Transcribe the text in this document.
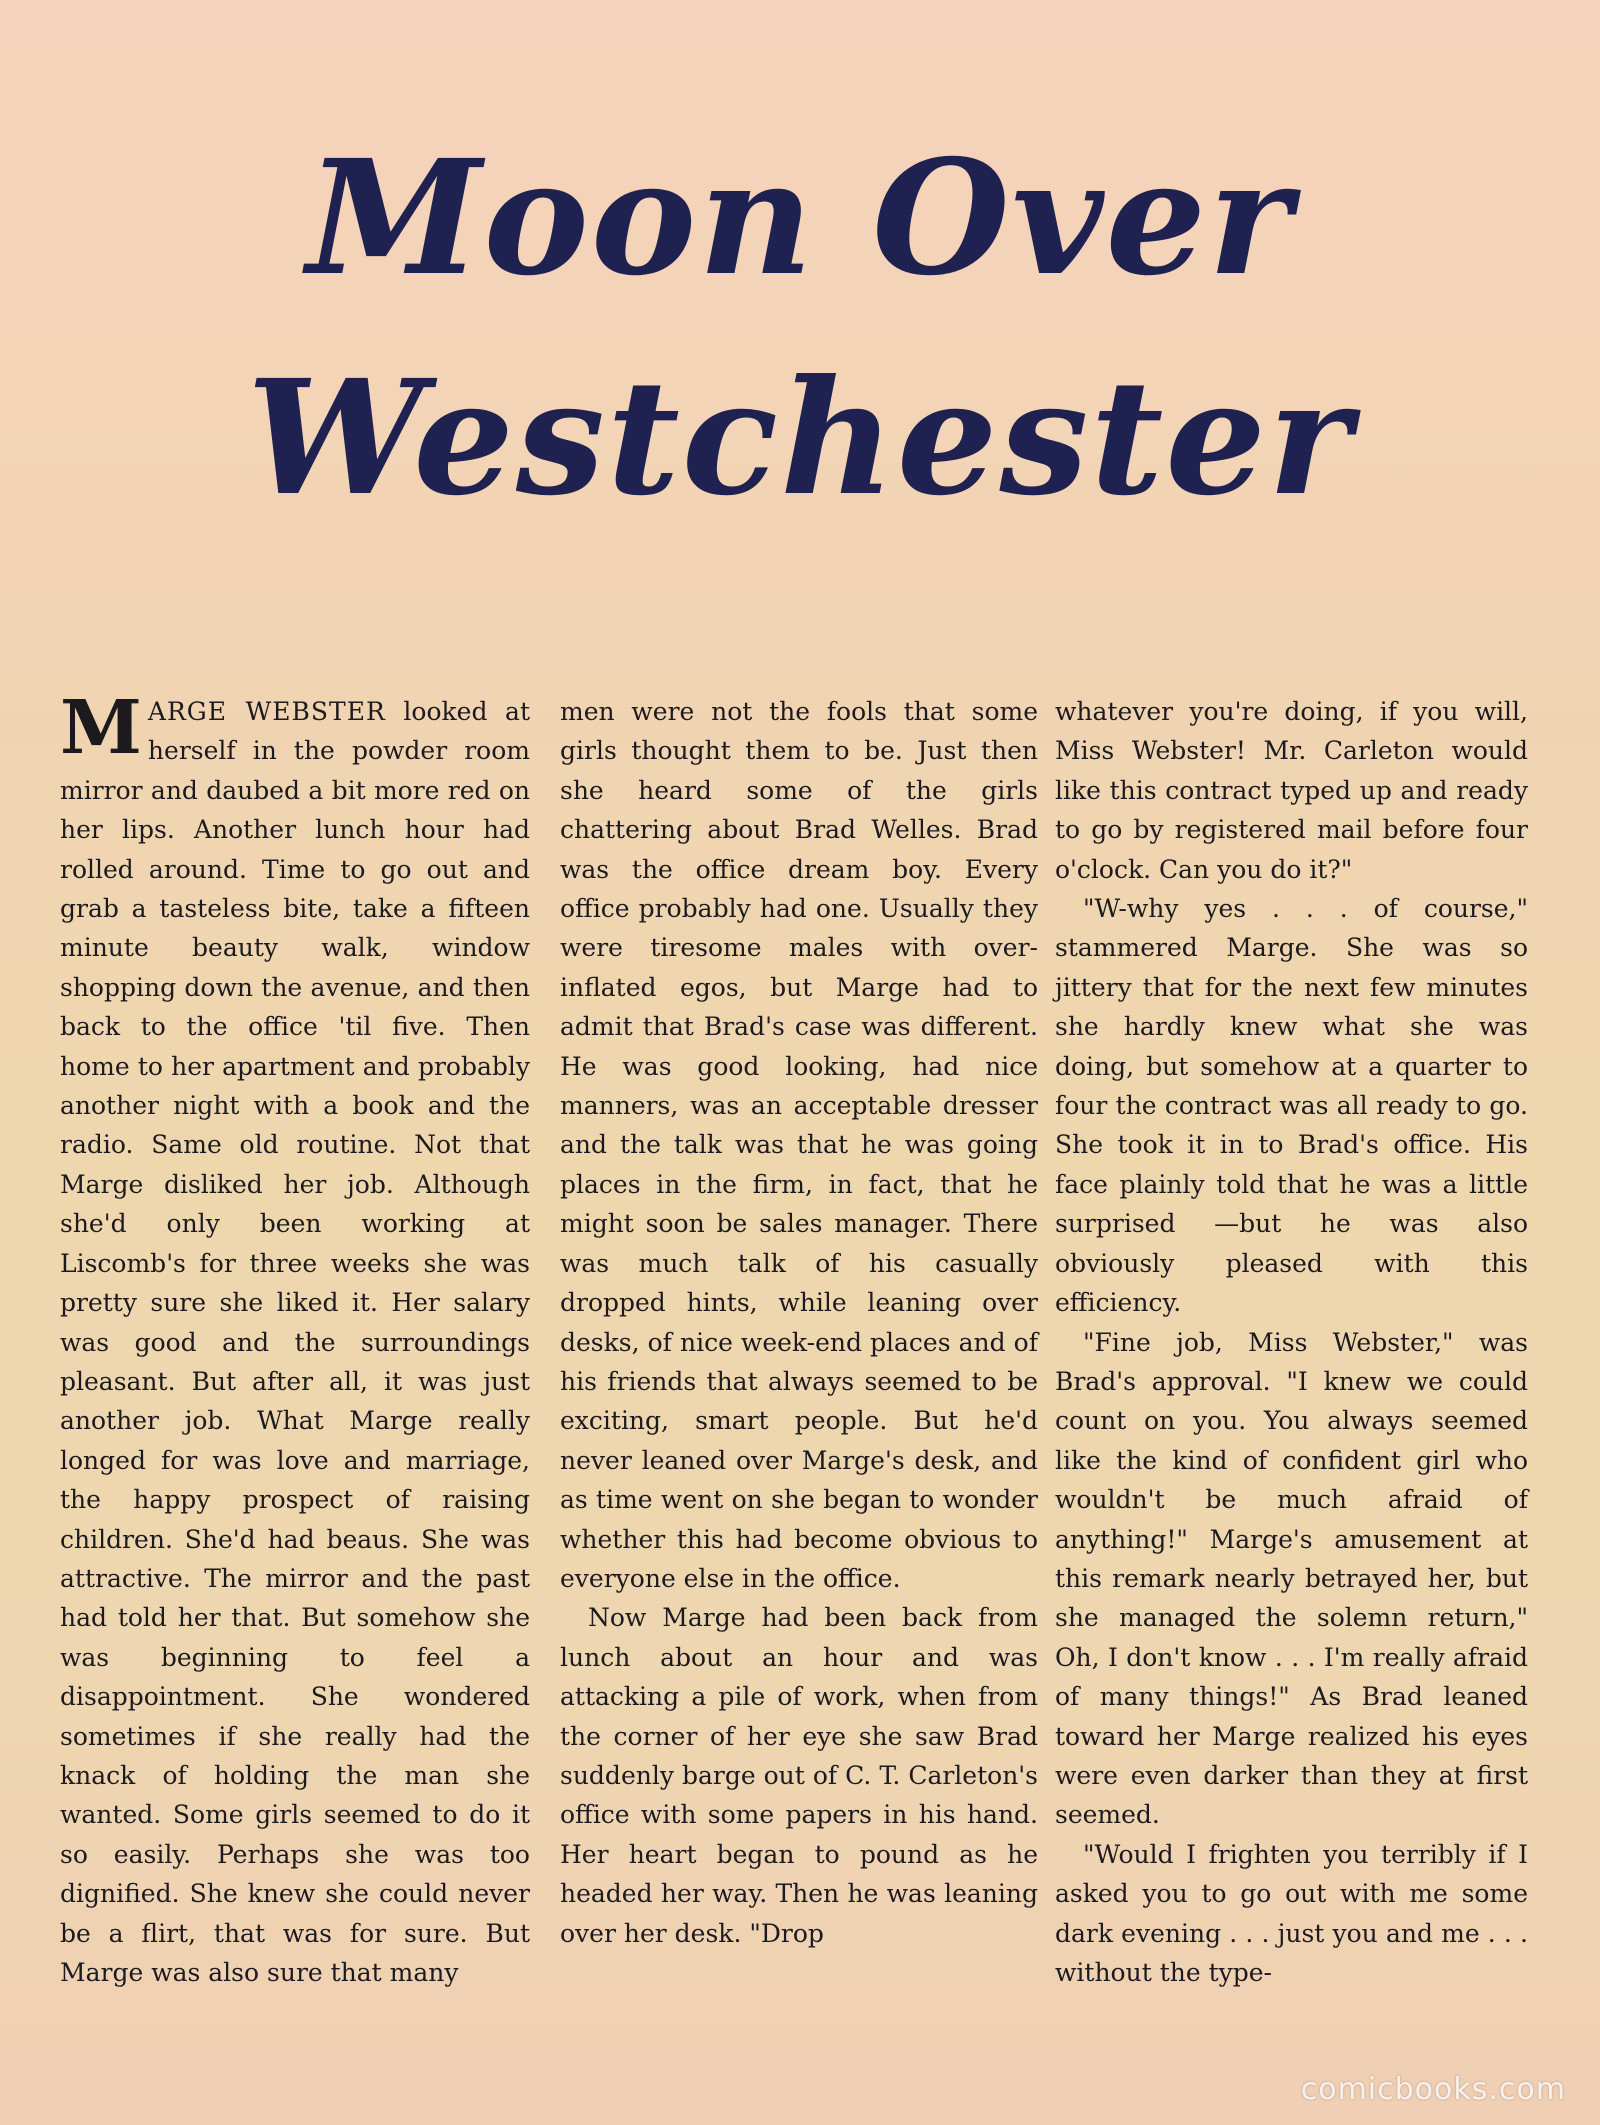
Moon Over
Westchester

MARGE WEBSTER looked at herself in the powder room mirror and daubed a bit more red on her lips. Another lunch hour had rolled around. Time to go out and grab a tasteless bite, take a fifteen minute beauty walk, window shopping down the avenue, and then back to the office 'til five. Then home to her apartment and probably another night with a book and the radio. Same old routine. Not that Marge disliked her job. Although she'd only been working at Liscomb's for three weeks she was pretty sure she liked it. Her salary was good and the surroundings pleasant. But after all, it was just another job. What Marge really longed for was love and marriage, the happy prospect of raising children. She'd had beaus. She was attractive. The mirror and the past had told her that. But somehow she was beginning to feel a disappointment. She wondered sometimes if she really had the knack of holding the man she wanted. Some girls seemed to do it so easily. Perhaps she was too dignified. She knew she could never be a flirt, that was for sure. But Marge was also sure that many

men were not the fools that some girls thought them to be. Just then she heard some of the girls chattering about Brad Welles. Brad was the office dream boy. Every office probably had one. Usually they were tiresome males with over-inflated egos, but Marge had to admit that Brad's case was different. He was good looking, had nice manners, was an acceptable dresser and the talk was that he was going places in the firm, in fact, that he might soon be sales manager. There was much talk of his casually dropped hints, while leaning over desks, of nice week-end places and of his friends that always seemed to be exciting, smart people. But he'd never leaned over Marge's desk, and as time went on she began to wonder whether this had become obvious to everyone else in the office.

Now Marge had been back from lunch about an hour and was attacking a pile of work, when from the corner of her eye she saw Brad suddenly barge out of C. T. Carleton's office with some papers in his hand. Her heart began to pound as he headed her way. Then he was leaning over her desk. "Drop

whatever you're doing, if you will, Miss Webster! Mr. Carleton would like this contract typed up and ready to go by registered mail before four o'clock. Can you do it?"

"W-why yes . . . of course," stammered Marge. She was so jittery that for the next few minutes she hardly knew what she was doing, but somehow at a quarter to four the contract was all ready to go. She took it in to Brad's office. His face plainly told that he was a little surprised —but he was also obviously pleased with this efficiency.

"Fine job, Miss Webster," was Brad's approval. "I knew we could count on you. You always seemed like the kind of confident girl who wouldn't be much afraid of anything!" Marge's amusement at this remark nearly betrayed her, but she managed the solemn return," Oh, I don't know . . . I'm really afraid of many things!" As Brad leaned toward her Marge realized his eyes were even darker than they at first seemed.

"Would I frighten you terribly if I asked you to go out with me some dark evening . . . just you and me . . . without the type-

comicbooks.com
